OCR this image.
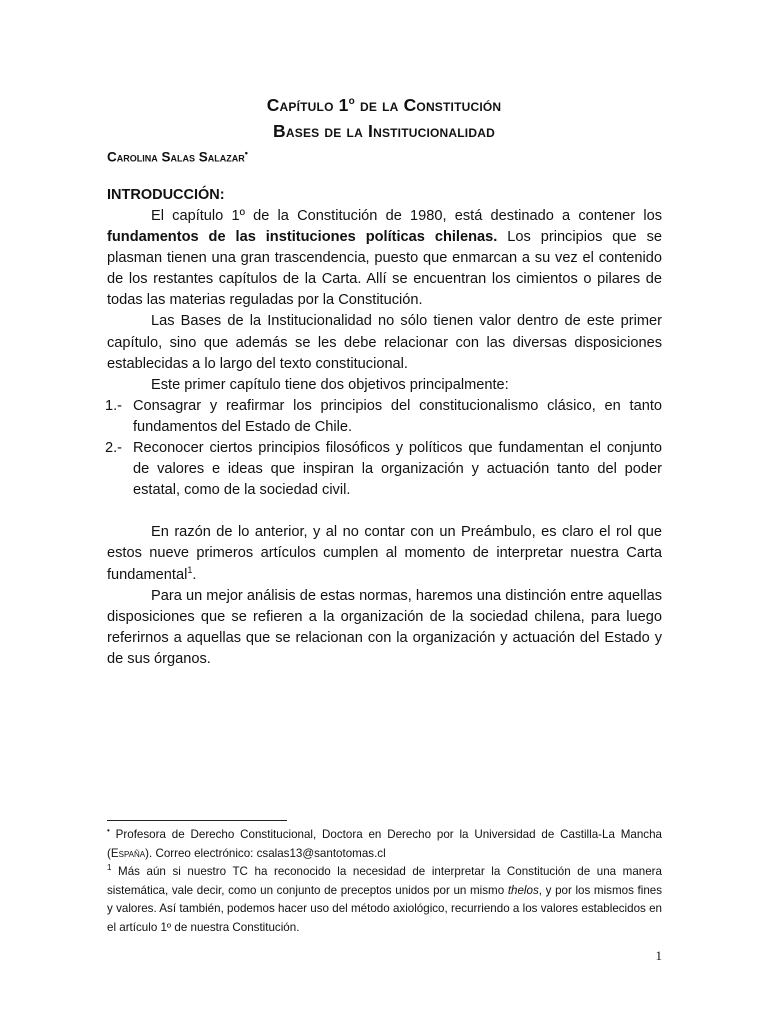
Capítulo 1$^o$ de la Constitución
Bases de la Institucionalidad
Carolina Salas Salazar•
INTRODUCCIÓN:

El capítulo 1º de la Constitución de 1980, está destinado a contener los fundamentos de las instituciones políticas chilenas. Los principios que se plasman tienen una gran trascendencia, puesto que enmarcan a su vez el contenido de los restantes capítulos de la Carta. Allí se encuentran los cimientos o pilares de todas las materias reguladas por la Constitución.

Las Bases de la Institucionalidad no sólo tienen valor dentro de este primer capítulo, sino que además se les debe relacionar con las diversas disposiciones establecidas a lo largo del texto constitucional.

Este primer capítulo tiene dos objetivos principalmente:

1.- Consagrar y reafirmar los principios del constitucionalismo clásico, en tanto fundamentos del Estado de Chile.
2.- Reconocer ciertos principios filosóficos y políticos que fundamentan el conjunto de valores e ideas que inspiran la organización y actuación tanto del poder estatal, como de la sociedad civil.

En razón de lo anterior, y al no contar con un Preámbulo, es claro el rol que estos nueve primeros artículos cumplen al momento de interpretar nuestra Carta fundamental$^1$.

Para un mejor análisis de estas normas, haremos una distinción entre aquellas disposiciones que se refieren a la organización de la sociedad chilena, para luego referirnos a aquellas que se relacionan con la organización y actuación del Estado y de sus órganos.

• Profesora de Derecho Constitucional, Doctora en Derecho por la Universidad de Castilla-La Mancha (España). Correo electrónico: csalas13@santotomas.cl

$^1$ Más aún si nuestro TC ha reconocido la necesidad de interpretar la Constitución de una manera sistemática, vale decir, como un conjunto de preceptos unidos por un mismo thelos, y por los mismos fines y valores. Así también, podemos hacer uso del método axiológico, recurriendo a los valores establecidos en el artículo 1º de nuestra Constitución.

1
